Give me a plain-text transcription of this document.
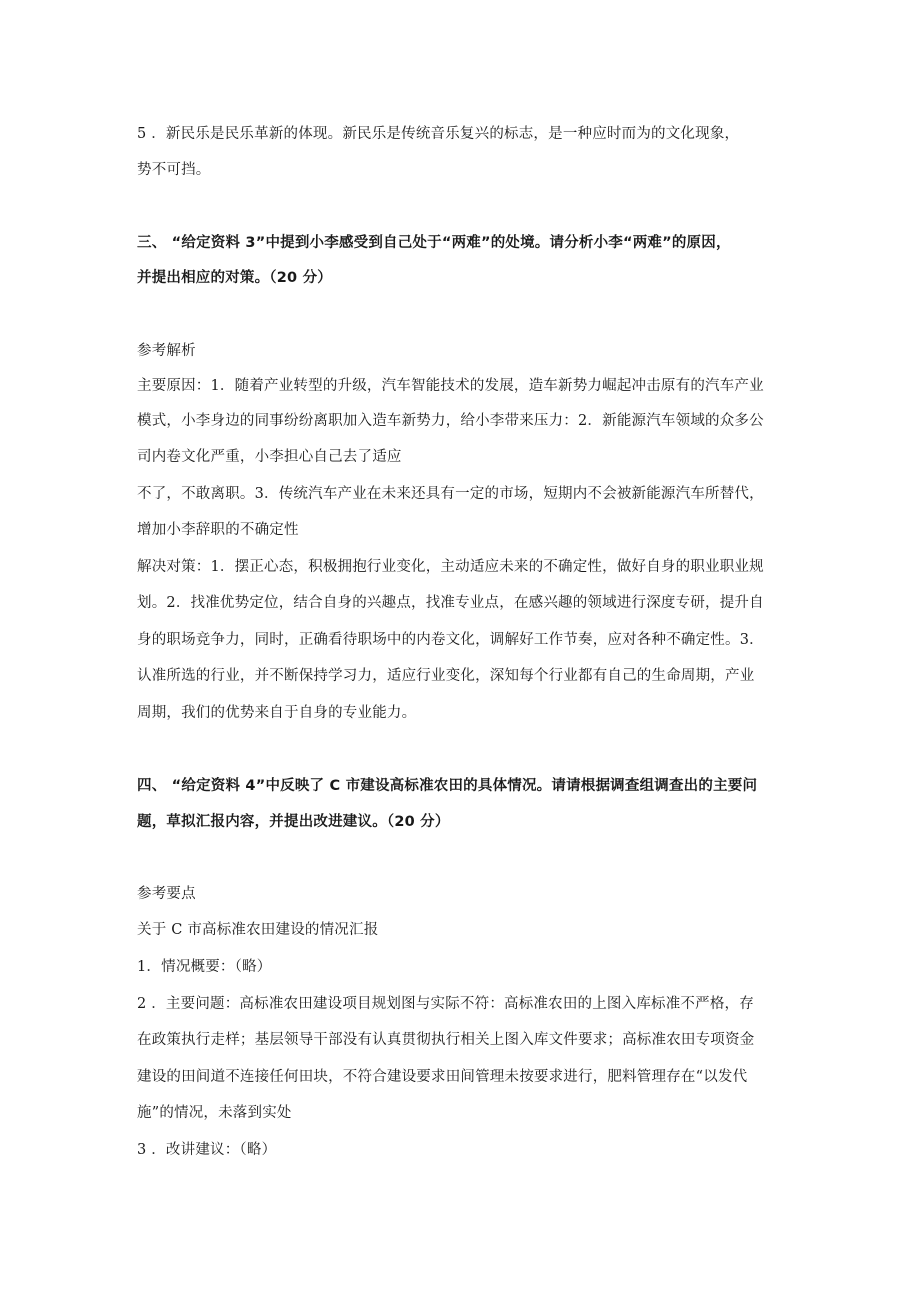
5 ．新民乐是民乐革新的体现。新民乐是传统音乐复兴的标志，是一种应时而为的文化现象，
势不可挡。
三、 “给定资料 3”中提到小李感受到自己处于“两难”的处境。请分析小李“两难”的原因，
并提出相应的对策。（20 分）
参考解析
主要原因：1．随着产业转型的升级，汽车智能技术的发展，造车新势力崛起冲击原有的汽车产业
模式，小李身边的同事纷纷离职加入造车新势力，给小李带来压力：2．新能源汽车领域的众多公
司内卷文化严重，小李担心自己去了适应
不了，不敢离职。3．传统汽车产业在未来还具有一定的市场，短期内不会被新能源汽车所替代，
增加小李辞职的不确定性
解决对策：1．摆正心态，积极拥抱行业变化，主动适应未来的不确定性，做好自身的职业职业规
划。2．找准优势定位，结合自身的兴趣点，找准专业点，在感兴趣的领域进行深度专研，提升自
身的职场竞争力，同时，正确看待职场中的内卷文化，调解好工作节奏，应对各种不确定性。3．
认准所选的行业，并不断保持学习力，适应行业变化，深知每个行业都有自己的生命周期，产业
周期，我们的优势来自于自身的专业能力。
四、 “给定资料 4”中反映了 C 市建设高标准农田的具体情况。请请根据调查组调查出的主要问
题，草拟汇报内容，并提出改进建议。（20 分）
参考要点
关于 C 市高标准农田建设的情况汇报
1．情况概要：（略）
2 ．主要问题：高标准农田建设项目规划图与实际不符：高标准农田的上图入库标准不严格，存
在政策执行走样；基层领导干部没有认真贯彻执行相关上图入库文件要求；高标准农田专项资金
建设的田间道不连接任何田块，不符合建设要求田间管理未按要求进行，肥料管理存在“以发代
施”的情况，未落到实处
3 ．改讲建议：（略）
